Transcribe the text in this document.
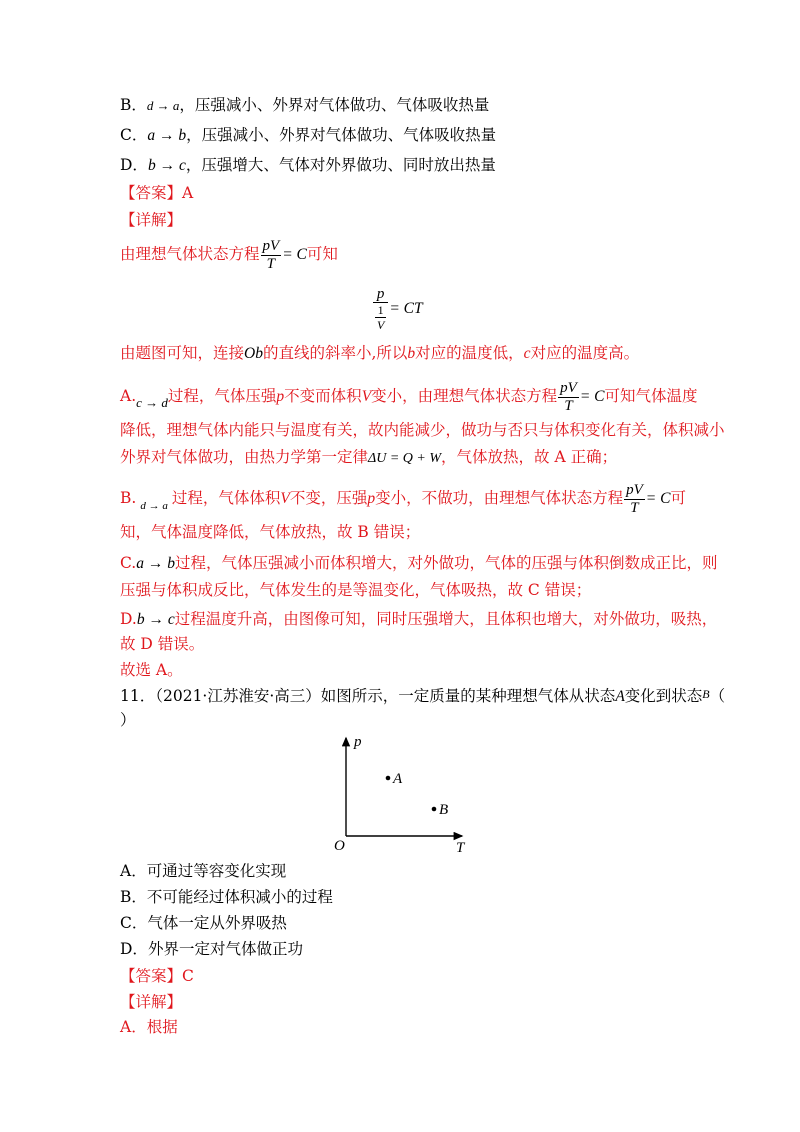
B．d → a，压强减小、外界对气体做功、气体吸收热量
C．a → b，压强减小、外界对气体做功、气体吸收热量
D．b → c，压强增大、气体对外界做功、同时放出热量
【答案】A
【详解】
由理想气体状态方程 $\frac{pV}{T} = C$可知
$\frac{p}{\frac{1}{V}}$ = CT
由题图可知，连接Ob的直线的斜率小,所以b对应的温度低，c对应的温度高。
$A._{c \to d}$过程，气体压强p不变而体积V变小，由理想气体状态方程 $\frac{pV}{T} = C$可知气体温度
降低，理想气体内能只与温度有关，故内能减少，做功与否只与体积变化有关，体积减小
外界对气体做功，由热力学第一定律ΔU = Q + W，气体放热，故 A 正确；
B. $_{d \to a}$ 过程，气体体积V不变，压强p变小，不做功，由理想气体状态方程 $\frac{pV}{T} = C$可
知，气体温度降低，气体放热，故 B 错误；
C.a → b过程，气体压强减小而体积增大，对外做功，气体的压强与体积倒数成正比，则
压强与体积成反比，气体发生的是等温变化，气体吸热，故 C 错误；
D.b → c过程温度升高，由图像可知，同时压强增大，且体积也增大，对外做功，吸热，
故 D 错误。
故选 A。
11．（2021·江苏淮安·高三）如图所示，一定质量的某种理想气体从状态A变化到状态B（
）
p
T
O
A
B
A．可通过等容变化实现
B．不可能经过体积减小的过程
C．气体一定从外界吸热
D．外界一定对气体做正功
【答案】C
【详解】
A．根据
